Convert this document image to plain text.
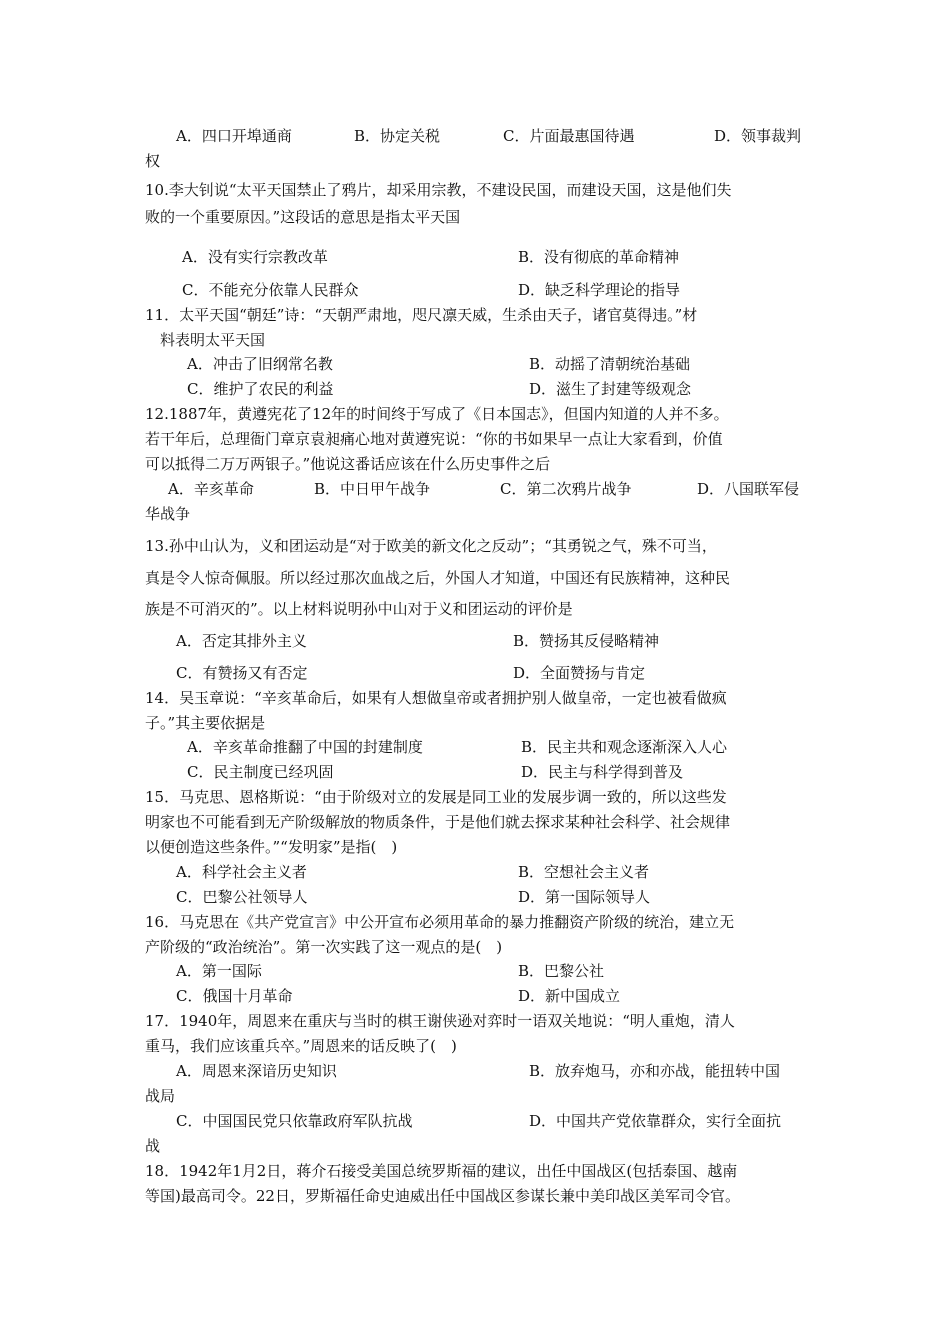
A．四口开埠通商	B．协定关税	C．片面最惠国待遇	D．领事裁判
权
10.李大钊说“太平天国禁止了鸦片，却采用宗教，不建设民国，而建设天国，这是他们失
败的一个重要原因。”这段话的意思是指太平天国
A．没有实行宗教改革	B．没有彻底的革命精神
C．不能充分依靠人民群众	D．缺乏科学理论的指导
11．太平天国“朝廷”诗：“天朝严肃地，咫尺凛天威，生杀由天子，诸官莫得违。”材
料表明太平天国
A．冲击了旧纲常名教	B．动摇了清朝统治基础
C．维护了农民的利益	D．滋生了封建等级观念
12.1887年，黄遵宪花了12年的时间终于写成了《日本国志》，但国内知道的人并不多。
若干年后，总理衙门章京袁昶痛心地对黄遵宪说：“你的书如果早一点让大家看到，价值
可以抵得二万万两银子。”他说这番话应该在什么历史事件之后
A．辛亥革命	B．中日甲午战争	C．第二次鸦片战争	D．八国联军侵
华战争
13.孙中山认为，义和团运动是“对于欧美的新文化之反动”；“其勇锐之气，殊不可当，
真是令人惊奇佩服。所以经过那次血战之后，外国人才知道，中国还有民族精神，这种民
族是不可消灭的”。以上材料说明孙中山对于义和团运动的评价是
A．否定其排外主义	B．赞扬其反侵略精神
C．有赞扬又有否定	D．全面赞扬与肯定
14．吴玉章说：“辛亥革命后，如果有人想做皇帝或者拥护别人做皇帝，一定也被看做疯
子。”其主要依据是
A．辛亥革命推翻了中国的封建制度	B．民主共和观念逐渐深入人心
C．民主制度已经巩固	D．民主与科学得到普及
15．马克思、恩格斯说：“由于阶级对立的发展是同工业的发展步调一致的，所以这些发
明家也不可能看到无产阶级解放的物质条件，于是他们就去探求某种社会科学、社会规律
以便创造这些条件。”“发明家”是指(　)
A．科学社会主义者	B．空想社会主义者
C．巴黎公社领导人	D．第一国际领导人
16．马克思在《共产党宣言》中公开宣布必须用革命的暴力推翻资产阶级的统治，建立无
产阶级的“政治统治”。第一次实践了这一观点的是(　)
A．第一国际	B．巴黎公社
C．俄国十月革命	D．新中国成立
17．1940年，周恩来在重庆与当时的棋王谢侠逊对弈时一语双关地说：“明人重炮，清人
重马，我们应该重兵卒。”周恩来的话反映了(　)
A．周恩来深谙历史知识	B．放弃炮马，亦和亦战，能扭转中国
战局
C．中国国民党只依靠政府军队抗战	D．中国共产党依靠群众，实行全面抗
战
18．1942年1月2日，蒋介石接受美国总统罗斯福的建议，出任中国战区(包括泰国、越南
等国)最高司令。22日，罗斯福任命史迪威出任中国战区参谋长兼中美印战区美军司令官。
